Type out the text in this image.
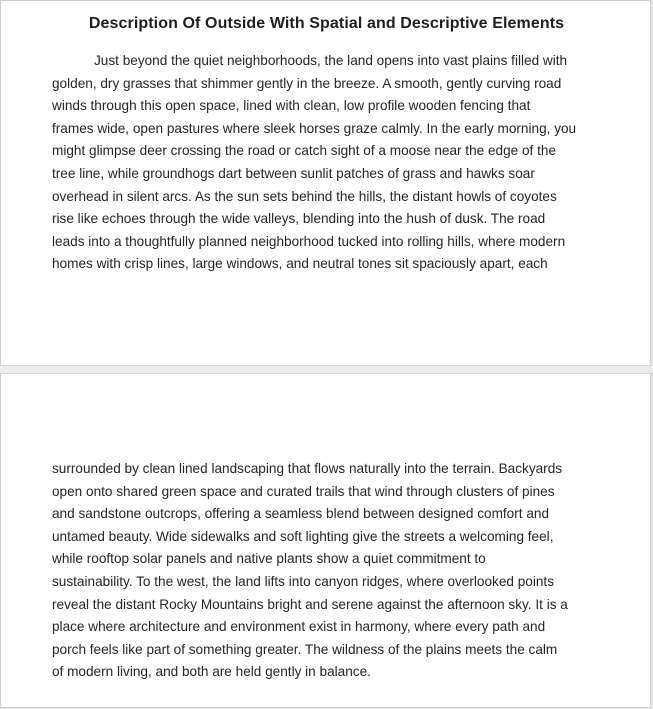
Description Of Outside With Spatial and Descriptive Elements

Just beyond the quiet neighborhoods, the land opens into vast plains filled with
golden, dry grasses that shimmer gently in the breeze. A smooth, gently curving road
winds through this open space, lined with clean, low profile wooden fencing that
frames wide, open pastures where sleek horses graze calmly. In the early morning, you
might glimpse deer crossing the road or catch sight of a moose near the edge of the
tree line, while groundhogs dart between sunlit patches of grass and hawks soar
overhead in silent arcs. As the sun sets behind the hills, the distant howls of coyotes
rise like echoes through the wide valleys, blending into the hush of dusk. The road
leads into a thoughtfully planned neighborhood tucked into rolling hills, where modern
homes with crisp lines, large windows, and neutral tones sit spaciously apart, each

surrounded by clean lined landscaping that flows naturally into the terrain. Backyards
open onto shared green space and curated trails that wind through clusters of pines
and sandstone outcrops, offering a seamless blend between designed comfort and
untamed beauty. Wide sidewalks and soft lighting give the streets a welcoming feel,
while rooftop solar panels and native plants show a quiet commitment to
sustainability. To the west, the land lifts into canyon ridges, where overlooked points
reveal the distant Rocky Mountains bright and serene against the afternoon sky. It is a
place where architecture and environment exist in harmony, where every path and
porch feels like part of something greater. The wildness of the plains meets the calm
of modern living, and both are held gently in balance.
